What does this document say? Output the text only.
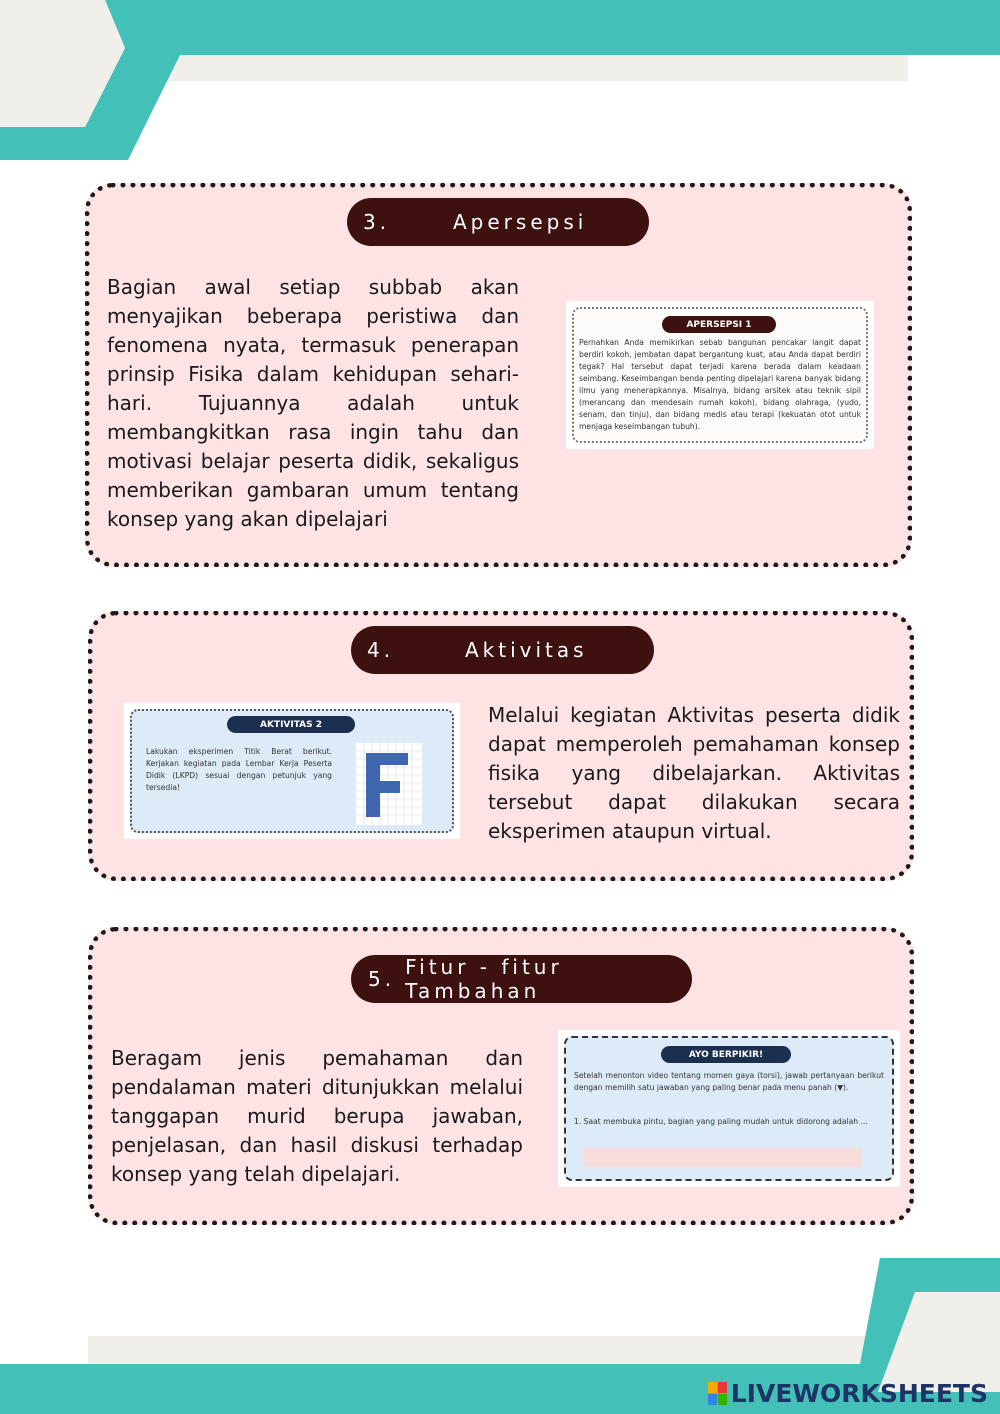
3.	Apersepsi
Bagian awal setiap subbab akan menyajikan beberapa peristiwa dan fenomena nyata, termasuk penerapan prinsip Fisika dalam kehidupan sehari-hari. Tujuannya adalah untuk membangkitkan rasa ingin tahu dan motivasi belajar peserta didik, sekaligus memberikan gambaran umum tentang konsep yang akan dipelajari
APERSEPSI 1
Pernahkan Anda memikirkan sebab bangunan pencakar langit dapat berdiri kokoh, jembatan dapat bergantung kuat, atau Anda dapat berdiri tegak? Hal tersebut dapat terjadi karena berada dalam keadaan seimbang. Keseimbangan benda penting dipelajari karena banyak bidang ilmu yang menerapkannya. Misalnya, bidang arsitek atau teknik sipil (merancang dan mendesain rumah kokoh), bidang olahraga, (yudo, senam, dan tinju), dan bidang medis atau terapi (kekuatan otot untuk menjaga keseimbangan tubuh).
4.	Aktivitas
AKTIVITAS 2
Lakukan eksperimen Titik Berat berikut. Kerjakan kegiatan pada Lembar Kerja Peserta Didik (LKPD) sesuai dengan petunjuk yang tersedia!
Melalui kegiatan Aktivitas peserta didik dapat memperoleh pemahaman konsep fisika yang dibelajarkan. Aktivitas tersebut dapat dilakukan secara eksperimen ataupun virtual.
5. Fitur - fitur Tambahan
Beragam jenis pemahaman dan pendalaman materi ditunjukkan melalui tanggapan murid berupa jawaban, penjelasan, dan hasil diskusi terhadap konsep yang telah dipelajari.
AYO BERPIKIR!
Setelah menonton video tentang momen gaya (torsi), jawab pertanyaan berikut dengan memilih satu jawaban yang paling benar pada menu panah (▼).
1. Saat membuka pintu, bagian yang paling mudah untuk didorong adalah ...
LIVEWORKSHEETS
